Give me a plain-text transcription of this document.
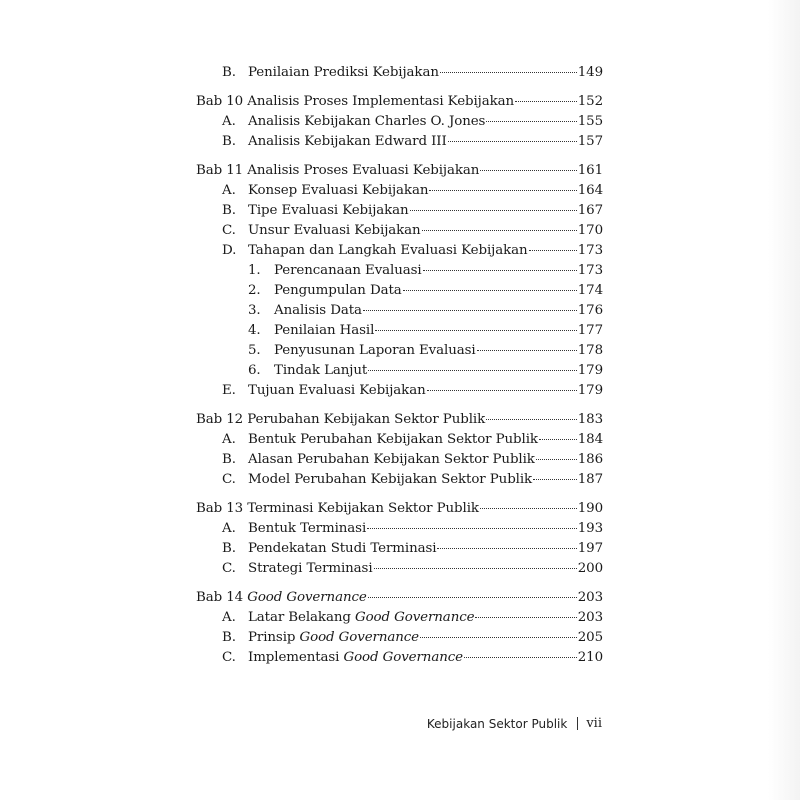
B. Penilaian Prediksi Kebijakan	149
Bab 10 Analisis Proses Implementasi Kebijakan	152
A. Analisis Kebijakan Charles O. Jones	155
B. Analisis Kebijakan Edward III	157
Bab 11 Analisis Proses Evaluasi Kebijakan	161
A. Konsep Evaluasi Kebijakan	164
B. Tipe Evaluasi Kebijakan	167
C. Unsur Evaluasi Kebijakan	170
D. Tahapan dan Langkah Evaluasi Kebijakan	173
1.	Perencanaan Evaluasi	173
2.	Pengumpulan Data	174
3.	Analisis Data	176
4.	Penilaian Hasil	177
5.	Penyusunan Laporan Evaluasi	178
6.	Tindak Lanjut	179
E. Tujuan Evaluasi Kebijakan	179
Bab 12 Perubahan Kebijakan Sektor Publik	183
A. Bentuk Perubahan Kebijakan Sektor Publik	184
B. Alasan Perubahan Kebijakan Sektor Publik	186
C. Model Perubahan Kebijakan Sektor Publik	187
Bab 13 Terminasi Kebijakan Sektor Publik	190
A. Bentuk Terminasi	193
B. Pendekatan Studi Terminasi	197
C. Strategi Terminasi	200
Bab 14 Good Governance	203
A. Latar Belakang Good Governance	203
B. Prinsip Good Governance	205
C. Implementasi Good Governance	210
Kebijakan Sektor Publik vii
